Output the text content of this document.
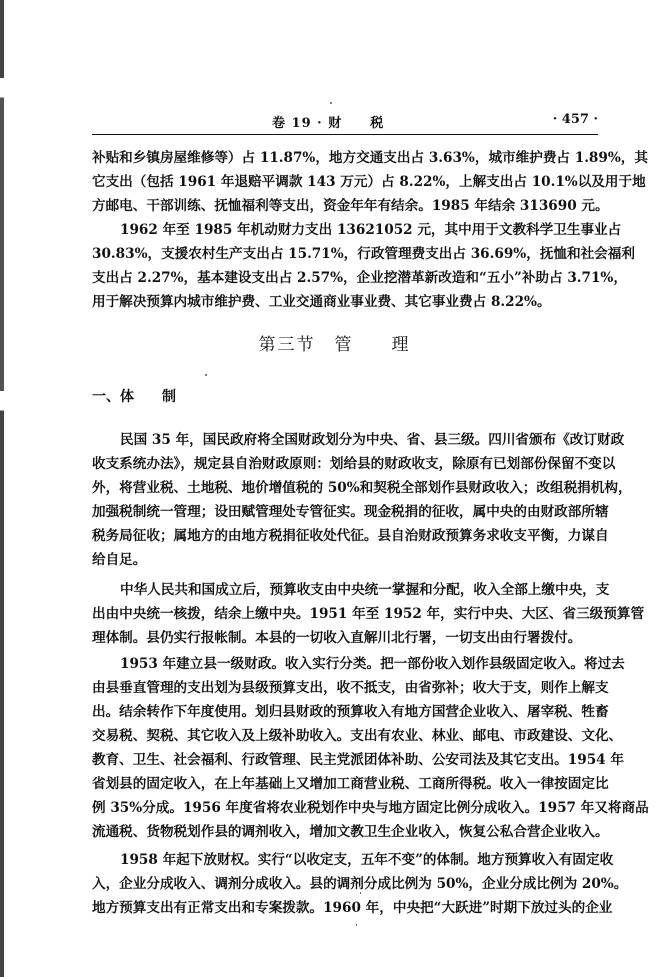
卷 19 · 财　　税	· 457 ·
补贴和乡镇房屋维修等）占 11.87%，地方交通支出占 3.63%，城市维护费占 1.89%，其
它支出（包括 1961 年退赔平调款 143 万元）占 8.22%，上解支出占 10.1%以及用于地
方邮电、干部训练、抚恤福利等支出，资金年年有结余。1985 年结余 313690 元。
1962 年至 1985 年机动财力支出 13621052 元，其中用于文教科学卫生事业占
30.83%，支援农村生产支出占 15.71%，行政管理费支出占 36.69%，抚恤和社会福利
支出占 2.27%，基本建设支出占 2.57%，企业挖潜革新改造和“五小”补助占 3.71%，
用于解决预算内城市维护费、工业交通商业事业费、其它事业费占 8.22%。
第三节　管　　理
一、体　　制
民国 35 年，国民政府将全国财政划分为中央、省、县三级。四川省颁布《改订财政
收支系统办法》，规定县自治财政原则：划给县的财政收支，除原有已划部份保留不变以
外，将营业税、土地税、地价增值税的 50%和契税全部划作县财政收入；改组税捐机构，
加强税制统一管理；设田赋管理处专管征实。现金税捐的征收，属中央的由财政部所辖
税务局征收；属地方的由地方税捐征收处代征。县自治财政预算务求收支平衡，力谋自
给自足。
中华人民共和国成立后，预算收支由中央统一掌握和分配，收入全部上缴中央，支
出由中央统一核拨，结余上缴中央。1951 年至 1952 年，实行中央、大区、省三级预算管
理体制。县仍实行报帐制。本县的一切收入直解川北行署，一切支出由行署拨付。
1953 年建立县一级财政。收入实行分类。把一部份收入划作县级固定收入。将过去
由县垂直管理的支出划为县级预算支出，收不抵支，由省弥补；收大于支，则作上解支
出。结余转作下年度使用。划归县财政的预算收入有地方国营企业收入、屠宰税、牲畜
交易税、契税、其它收入及上级补助收入。支出有农业、林业、邮电、市政建设、文化、
教育、卫生、社会福利、行政管理、民主党派团体补助、公安司法及其它支出。1954 年
省划县的固定收入，在上年基础上又增加工商营业税、工商所得税。收入一律按固定比
例 35%分成。1956 年度省将农业税划作中央与地方固定比例分成收入。1957 年又将商品
流通税、货物税划作县的调剂收入，增加文教卫生企业收入，恢复公私合营企业收入。
1958 年起下放财权。实行“以收定支，五年不变”的体制。地方预算收入有固定收
入，企业分成收入、调剂分成收入。县的调剂分成比例为 50%，企业分成比例为 20%。
地方预算支出有正常支出和专案拨款。1960 年，中央把“大跃进”时期下放过头的企业
